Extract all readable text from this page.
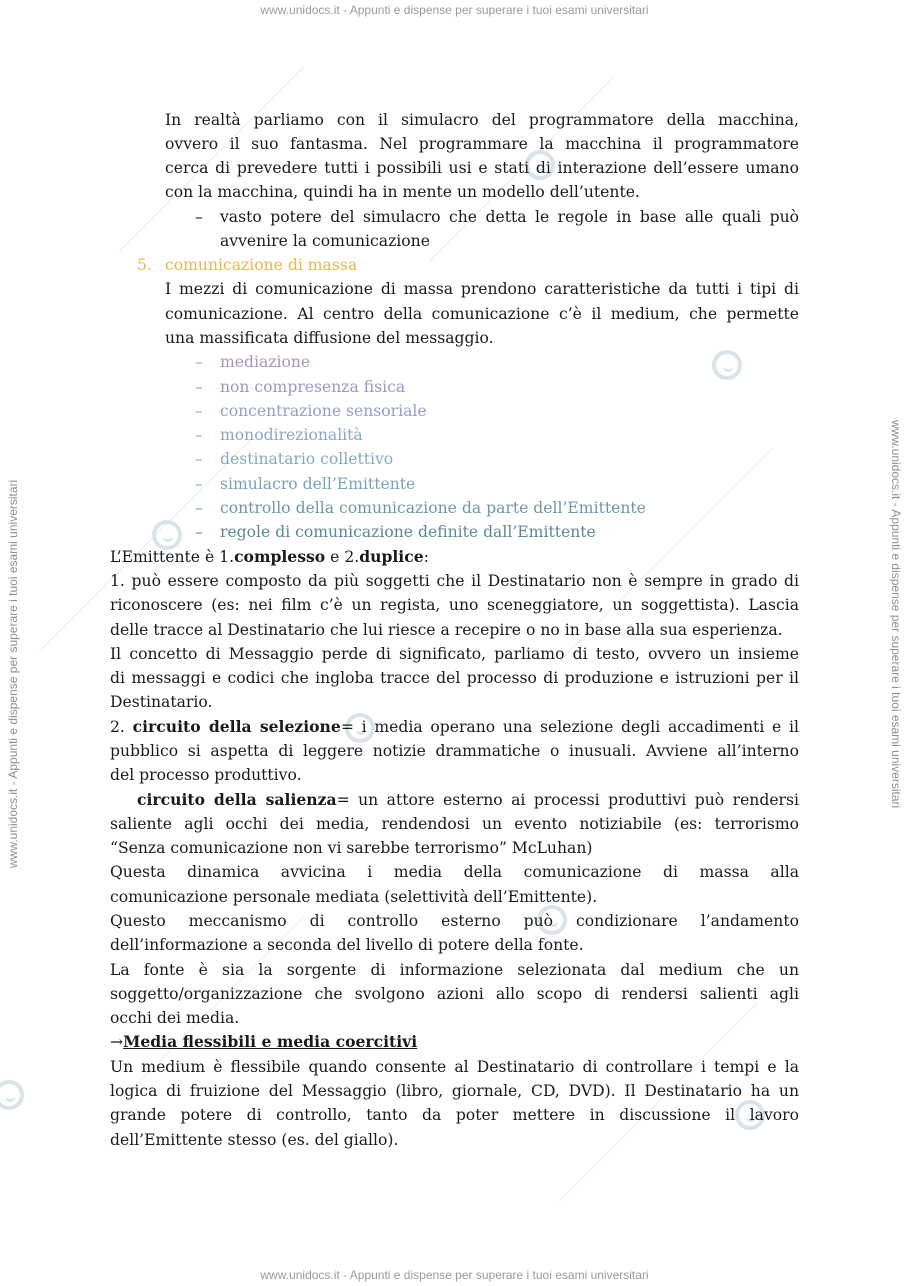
www.unidocs.it - Appunti e dispense per superare i tuoi esami universitari
www.unidocs.it - Appunti e dispense per superare i tuoi esami universitari
www.unidocs.it - Appunti e dispense per superare i tuoi esami universitari	www.unidocs.it - Appunti e dispense per superare i tuoi esami universitari
In realtà parliamo con il simulacro del programmatore della macchina,
ovvero il suo fantasma. Nel programmare la macchina il programmatore
cerca di prevedere tutti i possibili usi e stati di interazione dell’essere umano
con la macchina, quindi ha in mente un modello dell’utente.
– vasto potere del simulacro che detta le regole in base alle quali può
avvenire la comunicazione
5. comunicazione di massa
I mezzi di comunicazione di massa prendono caratteristiche da tutti i tipi di
comunicazione. Al centro della comunicazione c’è il medium, che permette
una massificata diffusione del messaggio.
– mediazione
– non compresenza fisica
– concentrazione sensoriale
– monodirezionalità
– destinatario collettivo
– simulacro dell’Emittente
– controllo della comunicazione da parte dell’Emittente
– regole di comunicazione definite dall’Emittente
L’Emittente è 1.complesso e 2.duplice:
1. può essere composto da più soggetti che il Destinatario non è sempre in grado di
riconoscere (es: nei film c’è un regista, uno sceneggiatore, un soggettista). Lascia
delle tracce al Destinatario che lui riesce a recepire o no in base alla sua esperienza.
Il concetto di Messaggio perde di significato, parliamo di testo, ovvero un insieme
di messaggi e codici che ingloba tracce del processo di produzione e istruzioni per il
Destinatario.
2. circuito della selezione= i media operano una selezione degli accadimenti e il
pubblico si aspetta di leggere notizie drammatiche o inusuali. Avviene all’interno
del processo produttivo.
circuito della salienza= un attore esterno ai processi produttivi può rendersi
saliente agli occhi dei media, rendendosi un evento notiziabile (es: terrorismo
“Senza comunicazione non vi sarebbe terrorismo” McLuhan)
Questa dinamica avvicina i media della comunicazione di massa alla
comunicazione personale mediata (selettività dell’Emittente).
Questo meccanismo di controllo esterno può condizionare l’andamento
dell’informazione a seconda del livello di potere della fonte.
La fonte è sia la sorgente di informazione selezionata dal medium che un
soggetto/organizzazione che svolgono azioni allo scopo di rendersi salienti agli
occhi dei media.
→Media flessibili e media coercitivi
Un medium è flessibile quando consente al Destinatario di controllare i tempi e la
logica di fruizione del Messaggio (libro, giornale, CD, DVD). Il Destinatario ha un
grande potere di controllo, tanto da poter mettere in discussione il lavoro
dell’Emittente stesso (es. del giallo).
